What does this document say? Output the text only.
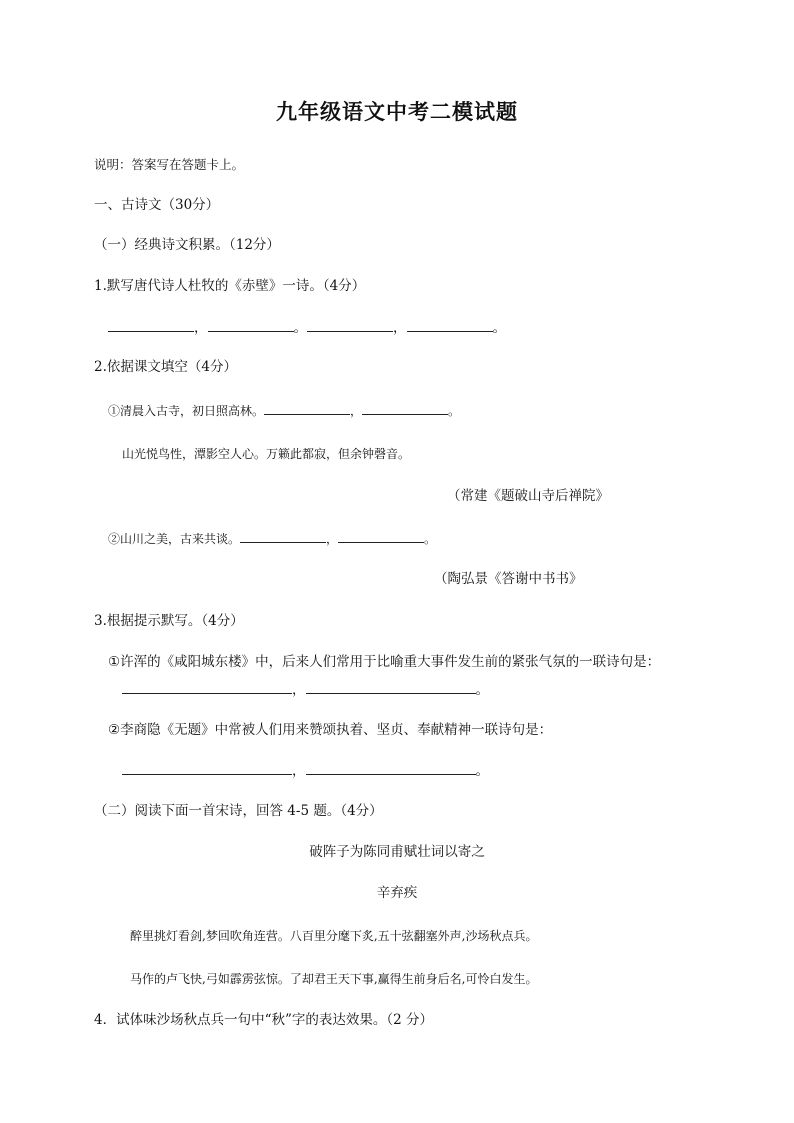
九年级语文中考二模试题
说明：答案写在答题卡上。
一、古诗文（30分）
（一）经典诗文积累。（12分）
1.默写唐代诗人杜牧的《赤壁》一诗。（4分）
，	。	，	。
2.依据课文填空（4分）
①清晨入古寺，初日照高林。	，	。
山光悦鸟性，潭影空人心。万籁此都寂，但余钟磬音。
（常建《题破山寺后禅院》
②山川之美，古来共谈。	，	。
（陶弘景《答谢中书书》
3.根据提示默写。（4分）
①许浑的《咸阳城东楼》中，后来人们常用于比喻重大事件发生前的紧张气氛的一联诗句是：
，	。
②李商隐《无题》中常被人们用来赞颂执着、坚贞、奉献精神一联诗句是：
，	。
（二）阅读下面一首宋诗，回答 4-5 题。（4分）
破阵子为陈同甫赋壮词以寄之
辛弃疾
醉里挑灯看剑,梦回吹角连营。八百里分麾下炙,五十弦翻塞外声,沙场秋点兵。
马作的卢飞快,弓如霹雳弦惊。了却君王天下事,赢得生前身后名,可怜白发生。
4．试体味沙场秋点兵一句中“秋”字的表达效果。（2 分）
